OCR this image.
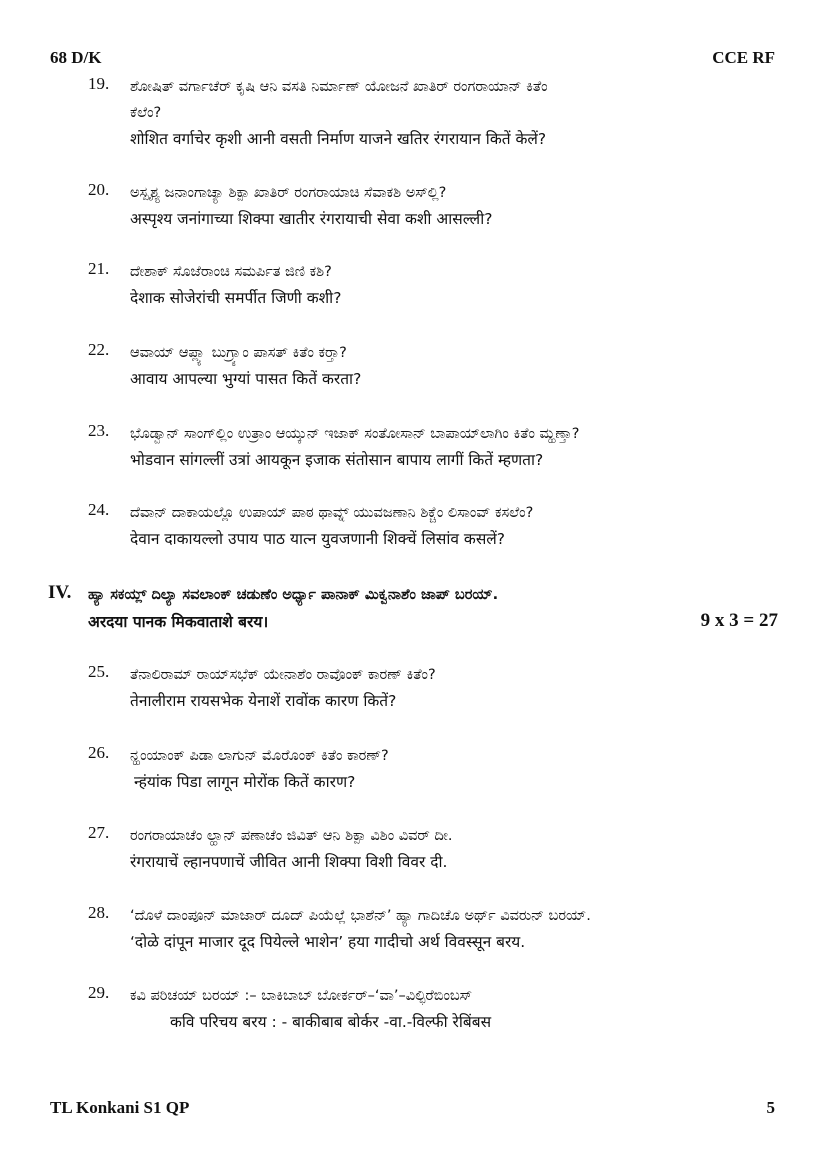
68 D/K	CCE RF
19. ಶೋಷಿತ್ ವರ್ಗಾಚೆರ್ ಕೃಷಿ ಆನಿ ವಸತಿ ನಿರ್ಮಾಣ್ ಯೋಜನೆ ಖಾತಿರ್ ರಂಗರಾಯಾನ್ ಕಿತೆಂ
ಕೆಲೆಂ?
शोशित वर्गाचेर कृशी आनी वसती निर्माण याजने खतिर रंगरायान कितें केलें?
20. ಅಸ್ಪೃಶ್ಯ ಜನಾಂಗಾಚ್ಯಾ ಶಿಕ್ಪಾ ಖಾತಿರ್ ರಂಗರಾಯಾಚಿ ಸೆವಾಕಶಿ ಅಸ್‌ಲ್ಲಿ?
अस्पृश्य जनांगाच्या शिक्पा खातीर रंगरायाची सेवा कशी आसल्ली?
21. ದೇಶಾಕ್ ಸೊಜೆರಾಂಚಿ ಸಮರ್ಪಿತ ಜಿಣಿ ಕಶಿ?
देशाक सोजेरांची समर्पीत जिणी कशी?
22. ಆವಾಯ್ ಆಪ್ಲ್ಯಾ ಬುಗ್ರ್ಯಾಂ ಪಾಸತ್ ಕಿತೆಂ ಕರ್‍ತಾ?
आवाय आपल्या भुग्यां पासत कितें करता?
23. ಭೊಡ್ವಾನ್ ಸಾಂಗ್‌ಲ್ಲಿಂ ಉತ್ರಾಂ ಆಯ್ಕುನ್ ಇಜಾಕ್ ಸಂತೋಸಾನ್ ಬಾಪಾಯ್‌ಲಾಗಿಂ ಕಿತೆಂ ಮ್ಹಣ್ತಾ?
भोडवान सांगल्लीं उत्रां आयकून इजाक संतोसान बापाय लागीं कितें म्हणता?
24. ದೆವಾನ್ ದಾಕಾಯಲ್ಲೊ ಉಪಾಯ್ ಪಾಠ ಥಾವ್ನ್ ಯುವಜಣಾನಿ ಶಿಕ್ಚೆಂ ಲಿಸಾಂವ್ ಕಸಲೆಂ?
देवान दाकायल्लो उपाय पाठ यात्न युवजणानी शिक्चें लिसांव कसलें?
IV. ಹ್ಯಾ ಸಕಯ್ಲ್ ದಿಲ್ಯಾ ಸವಲಾಂಕ್ ಚಡುಣೆಂ ಅರ್ಧ್ಯಾ ಪಾನಾಕ್ ಮಿಕ್ವನಾಶೆಂ ಜಾಪ್ ಬರಯ್.
अरदया पानक मिकवाताशे बरय।	9 x 3 = 27
25. ತೆನಾಲಿರಾಮ್ ರಾಯ್‌ಸಭೆಕ್ ಯೇನಾಶೆಂ ರಾವೊಂಕ್ ಕಾರಣ್ ಕಿತೆಂ?
तेनालीराम रायसभेक येनाशें रावोंक कारण कितें?
26. ನ್ಹಂಯಾಂಕ್ ಪಿಡಾ ಲಾಗುನ್ ಮೊರೊಂಕ್ ಕಿತೆಂ ಕಾರಣ್?
न्हंयांक पिडा लागून मोरोंक कितें कारण?
27. ರಂಗರಾಯಾಚೆಂ ಲ್ಹಾನ್ ಪಣಾಚೆಂ ಜಿವಿತ್ ಆನಿ ಶಿಕ್ಪಾ ವಿಶಿಂ ವಿವರ್ ದೀ.
रंगरायाचें ल्हानपणाचें जीवित आनी शिक्पा विशी विवर दी.
28. ‘ದೊಳೆ ದಾಂಪೂನ್ ಮಾಜಾರ್ ದೂದ್ ಪಿಯೆಲ್ಲೆ ಭಾಶೆನ್’ ಹ್ಯಾ ಗಾದಿಚೊ ಅರ್ಥ್ ವಿವರುನ್ ಬರಯ್.
‘दोळे दांपून माजार दूद पियेल्ले भाशेन’ हया गादीचो अर्थ विवस्सून बरय.
29. ಕವಿ ಪರಿಚಯ್ ಬರಯ್ :– ಬಾಕಿಬಾಬ್ ಬೋರ್ಕರ್–‘ವಾ’–ವಿಲ್ಫಿರೆಬಿಂಬಸ್
कवि परिचय बरय : - बाकीबाब बोर्कर -वा.-विल्फी रेबिंबस
TL Konkani S1 QP	5
